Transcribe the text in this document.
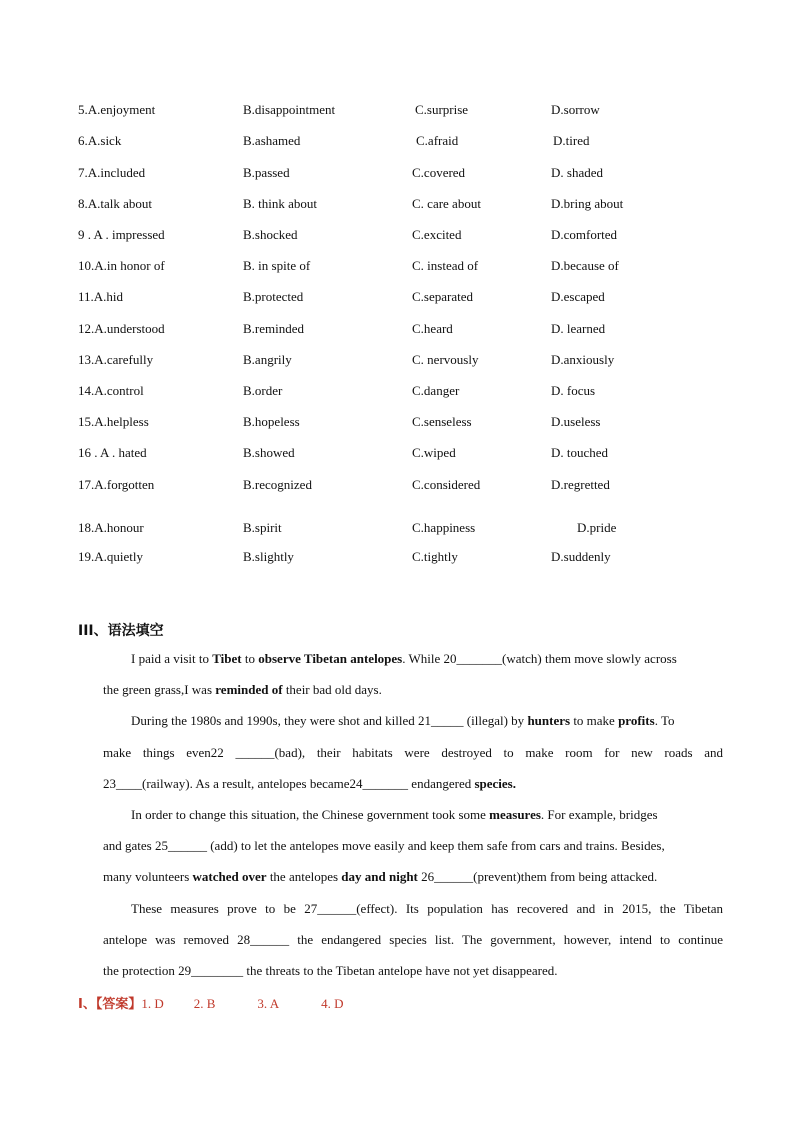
5.A.enjoyment	B.disappointment	C.surprise	D.sorrow
6.A.sick	B.ashamed	C.afraid	D.tired
7.A.included	B.passed	C.covered	D. shaded
8.A.talk about	B. think about	C. care about	D.bring about
9 . A . impressed	B.shocked	C.excited	D.comforted
10.A.in honor of	B. in spite of	C. instead of	D.because of
11.A.hid	B.protected	C.separated	D.escaped
12.A.understood	B.reminded	C.heard	D. learned
13.A.carefully	B.angrily	C. nervously	D.anxiously
14.A.control	B.order	C.danger	D. focus
15.A.helpless	B.hopeless	C.senseless	D.useless
16 . A . hated	B.showed	C.wiped	D. touched
17.A.forgotten	B.recognized	C.considered	D.regretted
18.A.honour	B.spirit	C.happiness	D.pride
19.A.quietly	B.slightly	C.tightly	D.suddenly
III、语法填空
I paid a visit to Tibet to observe Tibetan antelopes. While 20_______(watch) them move slowly across
the green grass,I was reminded of their bad old days.
During the 1980s and 1990s, they were shot and killed 21_____ (illegal) by hunters to make profits. To
make things even22 ______(bad), their habitats were destroyed to make room for new roads and
23____(railway). As a result, antelopes became24_______ endangered species.
In order to change this situation, the Chinese government took some measures. For example, bridges
and gates 25______ (add) to let the antelopes move easily and keep them safe from cars and trains. Besides,
many volunteers watched over the antelopes day and night 26______(prevent)them from being attacked.
These measures prove to be 27______(effect). Its population has recovered and in 2015, the Tibetan
antelope was removed 28______ the endangered species list. The government, however, intend to continue
the protection 29________ the threats to the Tibetan antelope have not yet disappeared.
Ⅰ、【答案】1. D 2. B	3. A	4. D
